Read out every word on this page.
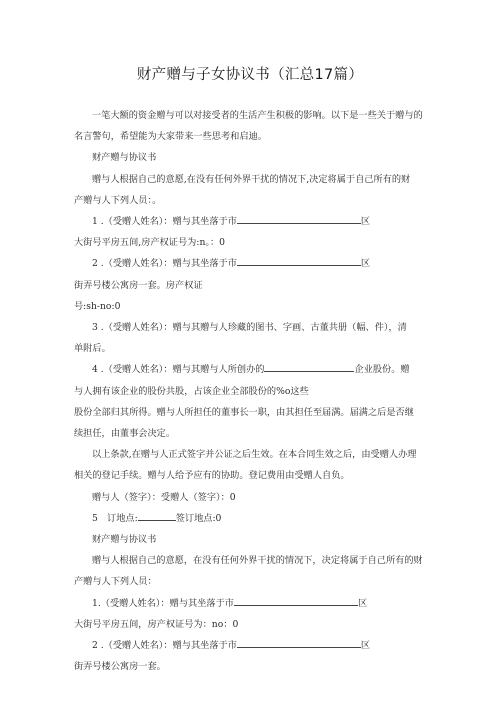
财产赠与子女协议书（汇总17篇）

一笔大额的资金赠与可以对接受者的生活产生积极的影响。以下是一些关于赠与的

名言警句，希望能为大家带来一些思考和启迪。

财产赠与协议书

赠与人根据自己的意愿,在没有任何外界干扰的情况下,决定将属于自己所有的财

产赠与人下列人员：。

1 .（受赠人姓名）：赠与其坐落于市	区

大街号平房五间,房产权证号为:n。：0

2 .（受赠人姓名）：赠与其坐落于市	区

街弄号楼公寓房一套。房产权证

号:sh-no:0

3 .（受赠人姓名）：赠与其赠与人珍藏的图书、字画、古董共册（幅、件），清

单附后。

4 .（受赠人姓名）：赠与其赠与人所创办的	企业股份。赠

与人拥有该企业的股份共股，占该企业全部股份的%o这些

股份全部归其所得。赠与人所担任的董事长一职，由其担任至届满。届满之后是否继

续担任，由董事会决定。

以上条款,在赠与人正式签字并公证之后生效。在本合同生效之后，由受赠人办理

相关的登记手续。赠与人给予应有的协助。登记费用由受赠人自负。

赠与人（签字）：受赠人（签字）：0

5　订地点:	签订地点:0

财产赠与协议书

赠与人根据自己的意愿，在没有任何外界干扰的情况下，决定将属于自己所有的财

产赠与人下列人员：

1.（受赠人姓名）：赠与其坐落于市	区

大街号平房五间，房产权证号为：no：0

2 .（受赠人姓名）：赠与其坐落于市	区

街弄号楼公寓房一套。
